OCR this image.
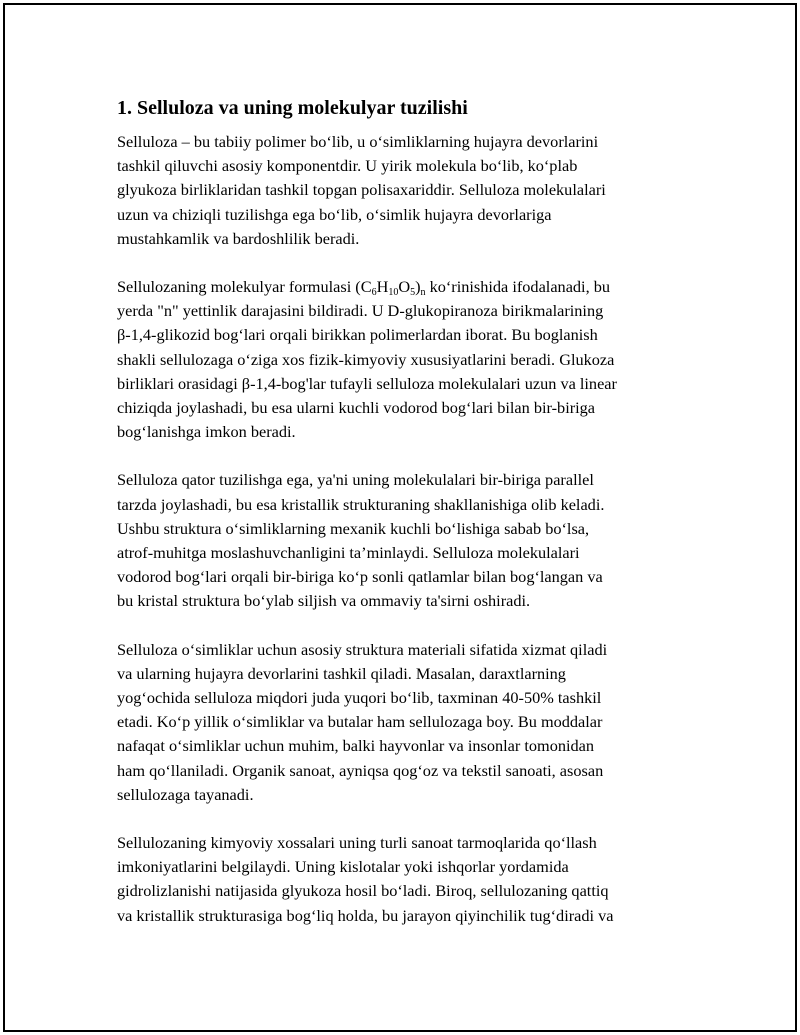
1. Selluloza va uning molekulyar tuzilishi

Selluloza – bu tabiiy polimer bo‘lib, u o‘simliklarning hujayra devorlarini
tashkil qiluvchi asosiy komponentdir. U yirik molekula bo‘lib, ko‘plab
glyukoza birliklaridan tashkil topgan polisaxariddir. Selluloza molekulalari
uzun va chiziqli tuzilishga ega bo‘lib, o‘simlik hujayra devorlariga
mustahkamlik va bardoshlilik beradi.

Sellulozaning molekulyar formulasi $(C_6H_{10}O_5)_n$ ko‘rinishida ifodalanadi, bu
yerda "n" yettinlik darajasini bildiradi. U D-glukopiranoza birikmalarining
β-1,4-glikozid bog‘lari orqali birikkan polimerlardan iborat. Bu boglanish
shakli sellulozaga o‘ziga xos fizik-kimyoviy xususiyatlarini beradi. Glukoza
birliklari orasidagi β-1,4-bog'lar tufayli selluloza molekulalari uzun va linear
chiziqda joylashadi, bu esa ularni kuchli vodorod bog‘lari bilan bir-biriga
bog‘lanishga imkon beradi.

Selluloza qator tuzilishga ega, ya'ni uning molekulalari bir-biriga parallel
tarzda joylashadi, bu esa kristallik strukturaning shakllanishiga olib keladi.
Ushbu struktura o‘simliklarning mexanik kuchli bo‘lishiga sabab bo‘lsa,
atrof-muhitga moslashuvchanligini ta’minlaydi. Selluloza molekulalari
vodorod bog‘lari orqali bir-biriga ko‘p sonli qatlamlar bilan bog‘langan va
bu kristal struktura bo‘ylab siljish va ommaviy ta'sirni oshiradi.

Selluloza o‘simliklar uchun asosiy struktura materiali sifatida xizmat qiladi
va ularning hujayra devorlarini tashkil qiladi. Masalan, daraxtlarning
yog‘ochida selluloza miqdori juda yuqori bo‘lib, taxminan 40-50% tashkil
etadi. Ko‘p yillik o‘simliklar va butalar ham sellulozaga boy. Bu moddalar
nafaqat o‘simliklar uchun muhim, balki hayvonlar va insonlar tomonidan
ham qo‘llaniladi. Organik sanoat, ayniqsa qog‘oz va tekstil sanoati, asosan
sellulozaga tayanadi.

Sellulozaning kimyoviy xossalari uning turli sanoat tarmoqlarida qo‘llash
imkoniyatlarini belgilaydi. Uning kislotalar yoki ishqorlar yordamida
gidrolizlanishi natijasida glyukoza hosil bo‘ladi. Biroq, sellulozaning qattiq
va kristallik strukturasiga bog‘liq holda, bu jarayon qiyinchilik tug‘diradi va
